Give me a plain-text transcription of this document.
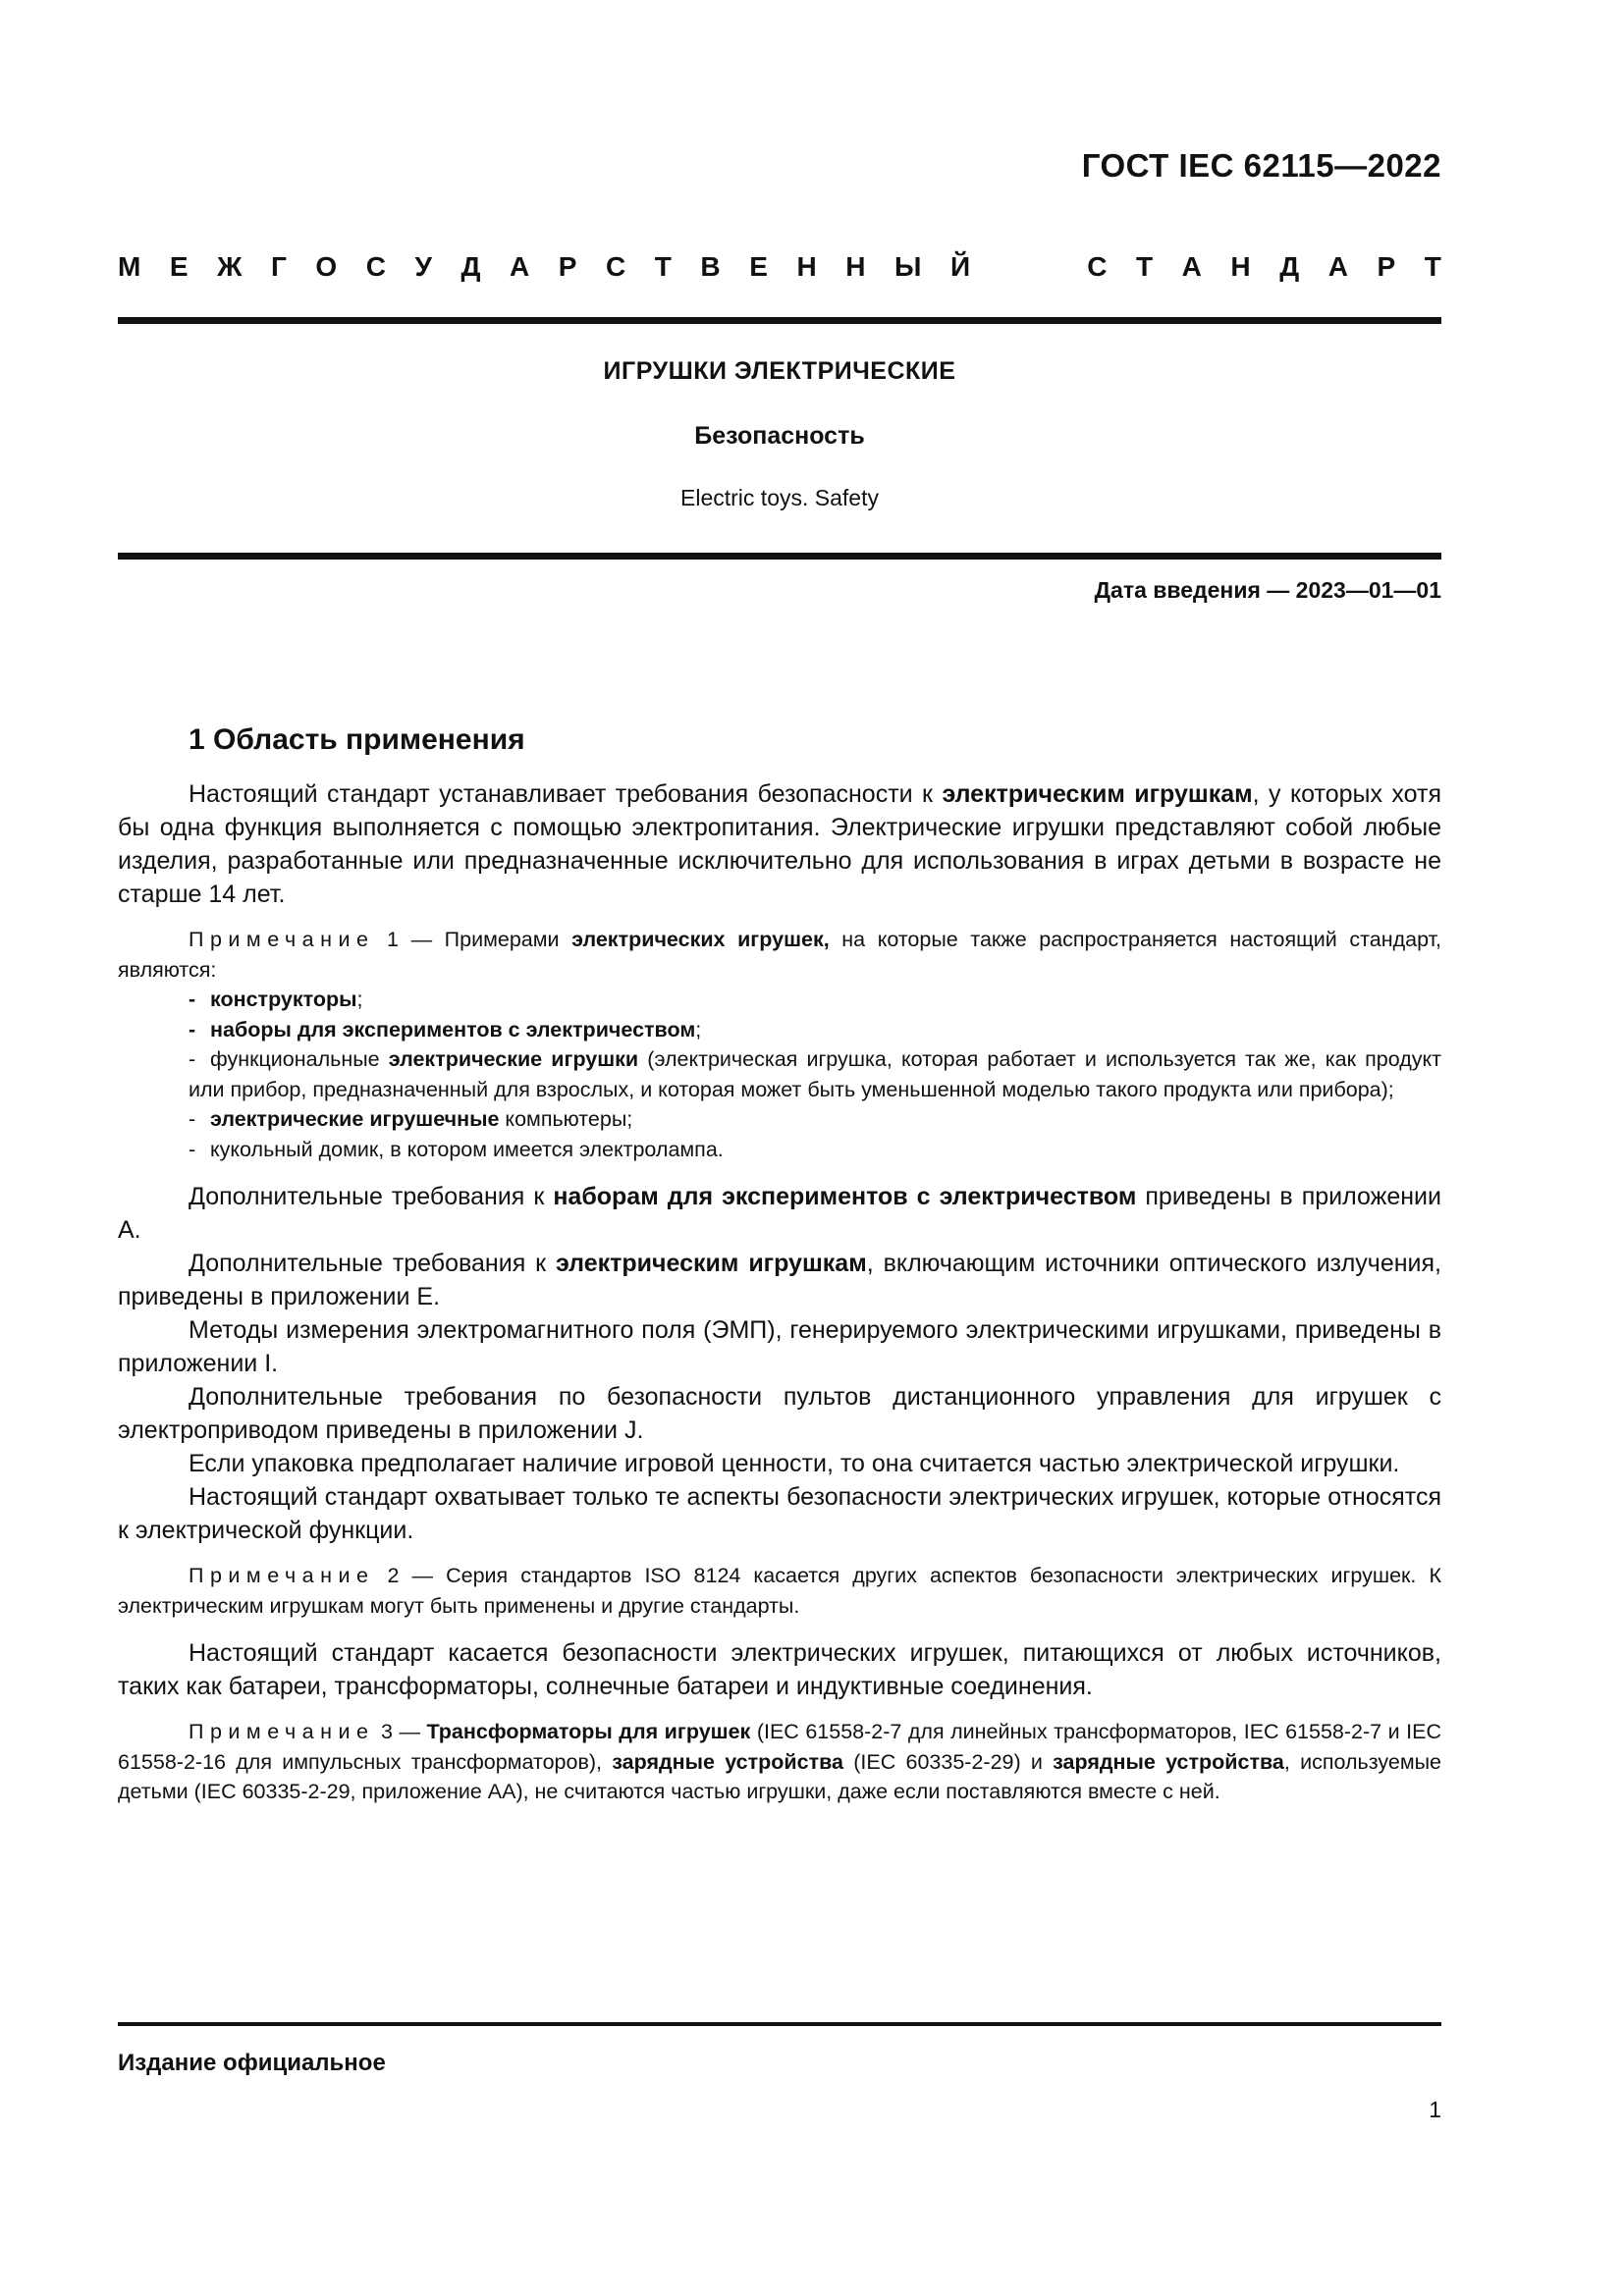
ГОСТ IEC 62115—2022
М Е Ж Г О С У Д А Р С Т В Е Н Н Ы Й	С Т А Н Д А Р Т
ИГРУШКИ ЭЛЕКТРИЧЕСКИЕ
Безопасность
Electric toys. Safety
Дата введения — 2023—01—01
1 Область применения

Настоящий стандарт устанавливает требования безопасности к электрическим игрушкам, у которых хотя бы одна функция выполняется с помощью электропитания. Электрические игрушки представляют собой любые изделия, разработанные или предназначенные исключительно для использования в играх детьми в возрасте не старше 14 лет.

Примечание 1 — Примерами электрических игрушек, на которые также распространяется настоящий стандарт, являются:

- конструкторы;

- наборы для экспериментов с электричеством;

- функциональные электрические игрушки (электрическая игрушка, которая работает и используется так же, как продукт или прибор, предназначенный для взрослых, и которая может быть уменьшенной моделью такого продукта или прибора);

- электрические игрушечные компьютеры;

- кукольный домик, в котором имеется электролампа.

Дополнительные требования к наборам для экспериментов с электричеством приведены в приложении А.

Дополнительные требования к электрическим игрушкам, включающим источники оптического излучения, приведены в приложении Е.

Методы измерения электромагнитного поля (ЭМП), генерируемого электрическими игрушками, приведены в приложении I.

Дополнительные требования по безопасности пультов дистанционного управления для игрушек с электроприводом приведены в приложении J.

Если упаковка предполагает наличие игровой ценности, то она считается частью электрической игрушки.

Настоящий стандарт охватывает только те аспекты безопасности электрических игрушек, которые относятся к электрической функции.

Примечание 2 — Серия стандартов ISO 8124 касается других аспектов безопасности электрических игрушек. К электрическим игрушкам могут быть применены и другие стандарты.

Настоящий стандарт касается безопасности электрических игрушек, питающихся от любых источников, таких как батареи, трансформаторы, солнечные батареи и индуктивные соединения.

Примечание 3 — Трансформаторы для игрушек (IEC 61558-2-7 для линейных трансформаторов, IEC 61558-2-7 и IEC 61558-2-16 для импульсных трансформаторов), зарядные устройства (IEC 60335-2-29) и зарядные устройства, используемые детьми (IEC 60335-2-29, приложение AA), не считаются частью игрушки, даже если поставляются вместе с ней.

Издание официальное
1
